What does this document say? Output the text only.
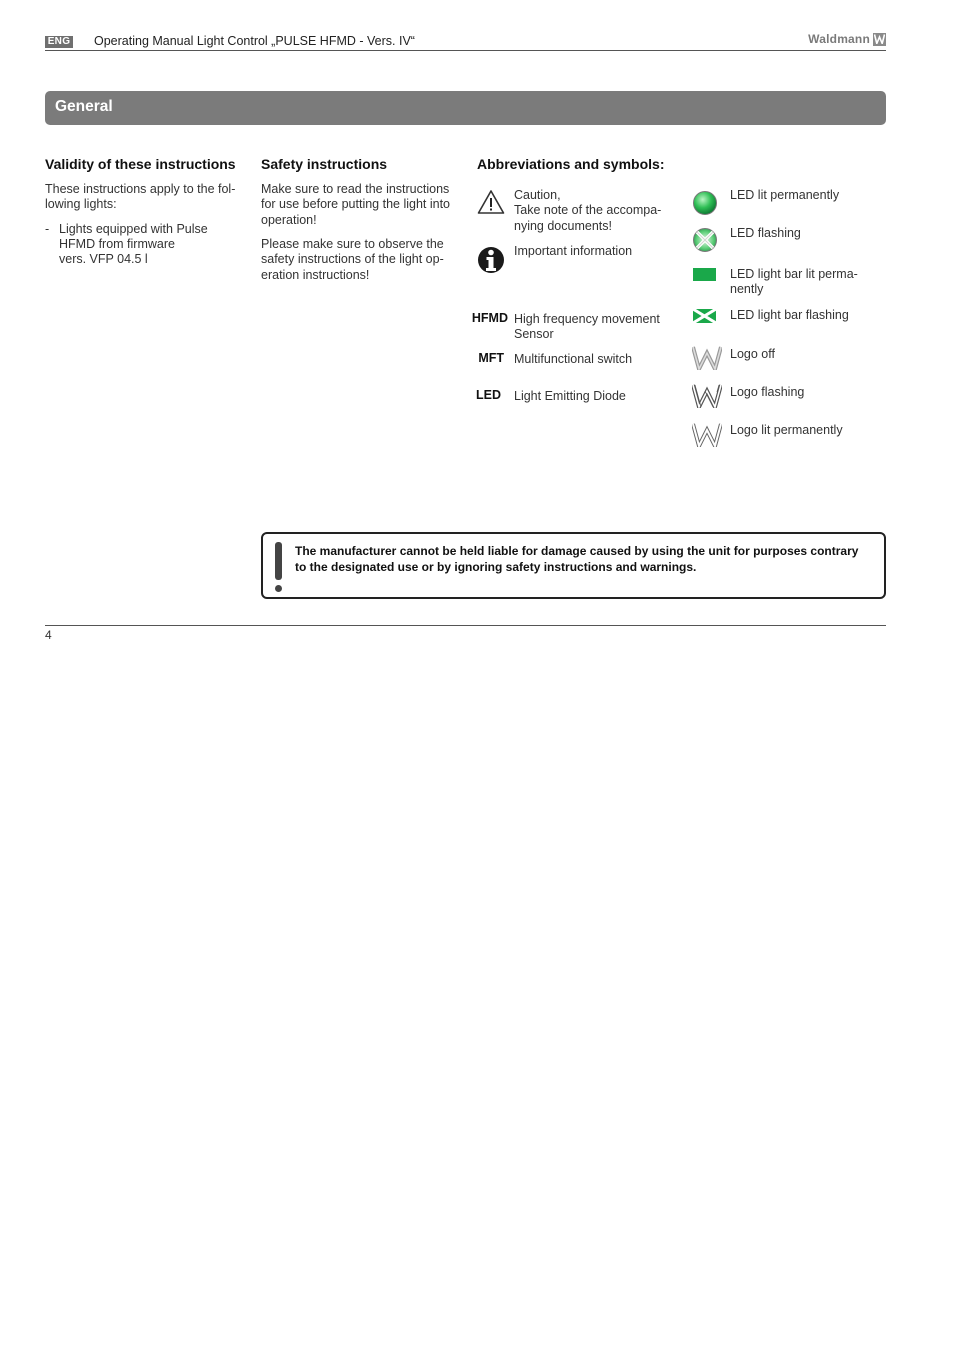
ENG Operating Manual Light Control „PULSE HFMD - Vers. IV“	Waldmann
General
Validity of these instructions
These instructions apply to the fol-
lowing lights:
- Lights equipped with Pulse
HFMD from firmware
vers. VFP 04.5 l
Safety instructions
Make sure to read the instructions
for use before putting the light into
operation!
Please make sure to observe the
safety instructions of the light op-
eration instructions!
Abbreviations and symbols:
Caution,
Take note of the accompa-
nying documents!
Important information
HFMD High frequency movement
Sensor
MFT Multifunctional switch
LED Light Emitting Diode
LED lit permanently
LED flashing
LED light bar lit perma-
nently
LED light bar flashing
Logo off
Logo flashing
Logo lit permanently
The manufacturer cannot be held liable for damage caused by using the unit for purposes contrary
to the designated use or by ignoring safety instructions and warnings.
4
